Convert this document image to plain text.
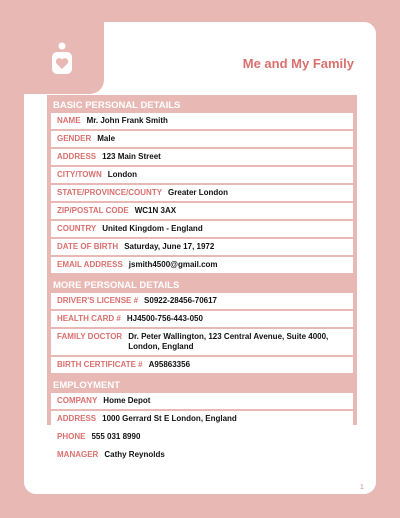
Me and My Family
BASIC PERSONAL DETAILS
NAME Mr. John Frank Smith
GENDER Male
ADDRESS 123 Main Street
CITY/TOWN London
STATE/PROVINCE/COUNTY Greater London
ZIP/POSTAL CODE WC1N 3AX
COUNTRY United Kingdom - England
DATE OF BIRTH Saturday, June 17, 1972
EMAIL ADDRESS jsmith4500@gmail.com
MORE PERSONAL DETAILS
DRIVER'S LICENSE # S0922-28456-70617
HEALTH CARD # HJ4500-756-443-050
FAMILY DOCTOR Dr. Peter Wallington, 123 Central Avenue, Suite 4000, London, England
BIRTH CERTIFICATE # A95863356
EMPLOYMENT
COMPANY Home Depot
ADDRESS 1000 Gerrard St E London, England
PHONE 555 031 8990
MANAGER Cathy Reynolds
1
